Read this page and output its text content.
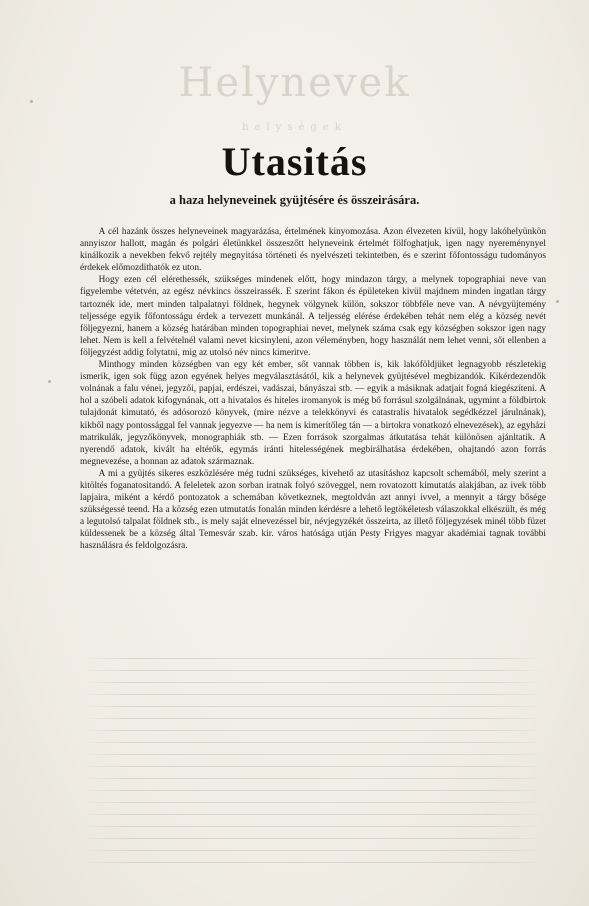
Helynevek
helységek
Utasitás
a haza helyneveinek gyüjtésére és összeirására.

A cél hazánk összes helyneveinek magyarázása, értelmének kinyomozása. Azon élvezeten kivül, hogy lakóhelyünkön annyiszor hallott, magán és polgári életünkkel összeszőtt helyneveink értelmét fölfoghatjuk, igen nagy nyereménynyel kinálkozik a nevekben fekvő rejtély megnyitása történeti és nyelvészeti tekintetben, és e szerint főfontosságu tudományos érdekek előmozdithatók ez uton.

Hogy ezen cél elérethessék, szükséges mindenek előtt, hogy mindazon tárgy, a melynek topographiai neve van figyelembe vétetvén, az egész névkincs összeirassék. E szerint fákon és épületeken kivül majdnem minden ingatlan tárgy tartoznék ide, mert minden talpalatnyi földnek, hegynek völgynek külön, sokszor többféle neve van. A névgyüjtemény teljessége egyik főfontosságu érdek a tervezett munkánál. A teljesség elérése érdekében tehát nem elég a község nevét följegyezni, hanem a község határában minden topographiai nevet, melynek száma csak egy községben sokszor igen nagy lehet. Nem is kell a felvételnél valami nevet kicsinyleni, azon véleményben, hogy használát nem lehet venni, sőt ellenben a följegyzést addig folytatni, mig az utolsó név nincs kimeritve.

Minthogy minden községben van egy két ember, sőt vannak többen is, kik lakóföldjüket legnagyobb részletekig ismerik, igen sok függ azon egyének helyes megválasztásától, kik a helynevek gyüjtésével megbizandók. Kikérdezendők volnának a falu vénei, jegyzői, papjai, erdészei, vadászai, bányászai stb. — egyik a másiknak adatjait fogná kiegészíteni. A hol a szóbeli adatok kifogynának, ott a hivatalos és hiteles iromanyok is még bő forrásul szolgálnának, ugymint a földbirtok tulajdonát kimutató, és adósorozó könyvek, (mire nézve a telekkönyvi és catastralis hivatalok segédkézzel járulnának), kikből nagy pontossággal fel vannak jegyezve — ha nem is kimerítőleg tán — a birtokra vonatkozó elnevezések), az egyházi matrikulák, jegyzőkönyvek, monographiák stb. — Ezen források szorgalmas átkutatása tehát különösen ajánltatik. A nyerendő adatok, kivált ha eltérők, egymás iránti hitelességének megbirálhatása érdekében, ohajtandó azon forrás megnevezése, a honnan az adatok származnak.

A mi a gyüjtés sikeres eszközlésére még tudni szükséges, kivehető az utasításhoz kapcsolt schemából, mely szerint a kitöltés foganatositandó. A feleletek azon sorban iratnak folyó szöveggel, nem rovatozott kimutatás alakjában, az ivek több lapjaira, miként a kérdő pontozatok a schemában következnek, megtoldván azt annyi ivvel, a mennyit a tárgy bősége szükségessé teend. Ha a község ezen utmutatás fonalán minden kérdésre a lehető legtökéletesb válaszokkal elkészült, és még a legutolsó talpalat földnek stb., is mely saját elnevezéssel bir, névjegyzékét összeirta, az illető följegyzések minél több füzet küldessenek be a község által Temesvár szab. kir. város hatósága utján Pesty Frigyes magyar akadémiai tagnak további használásra és feldolgozásra.
